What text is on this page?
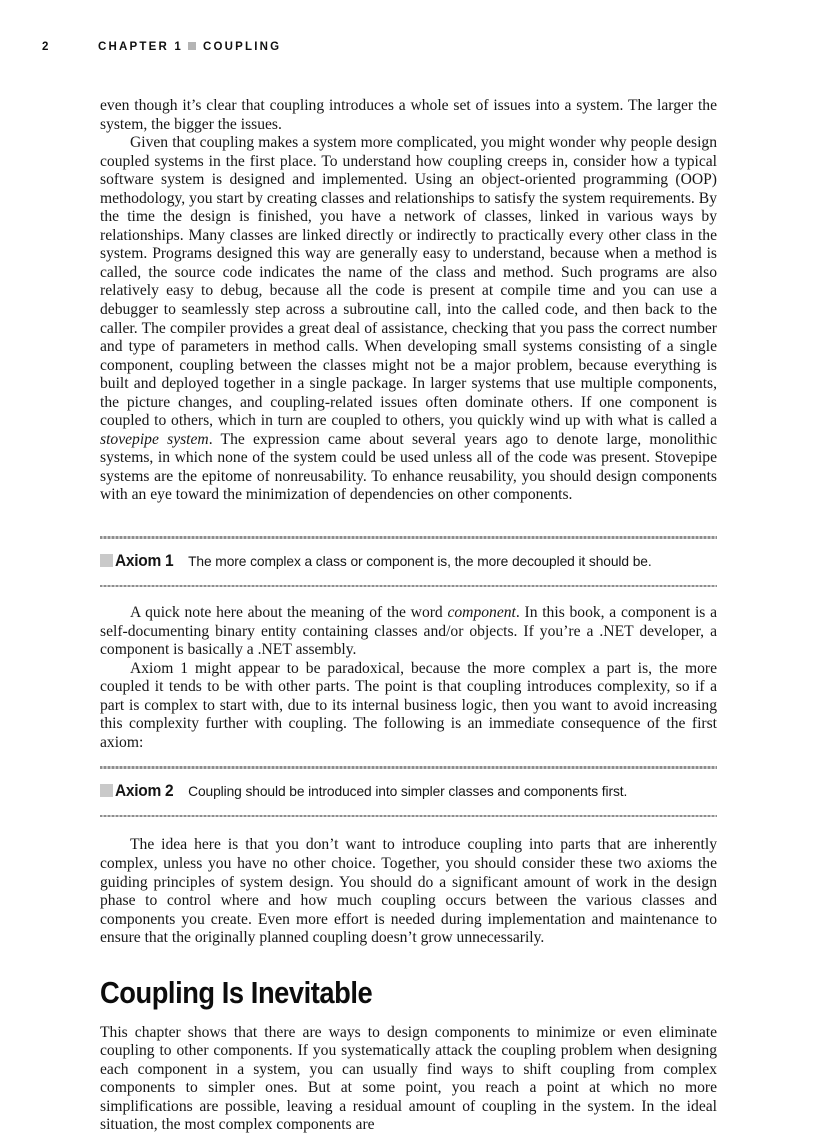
2	CHAPTER 1 COUPLING

even though it’s clear that coupling introduces a whole set of issues into a system. The larger the system, the bigger the issues.

Given that coupling makes a system more complicated, you might wonder why people design coupled systems in the first place. To understand how coupling creeps in, consider how a typical software system is designed and implemented. Using an object-oriented programming (OOP) methodology, you start by creating classes and relationships to satisfy the system requirements. By the time the design is finished, you have a network of classes, linked in various ways by relationships. Many classes are linked directly or indirectly to practically every other class in the system. Programs designed this way are generally easy to understand, because when a method is called, the source code indicates the name of the class and method. Such programs are also relatively easy to debug, because all the code is present at compile time and you can use a debugger to seamlessly step across a subroutine call, into the called code, and then back to the caller. The compiler provides a great deal of assistance, checking that you pass the correct number and type of parameters in method calls. When developing small systems consisting of a single component, coupling between the classes might not be a major problem, because everything is built and deployed together in a single package. In larger systems that use multiple components, the picture changes, and coupling-related issues often dominate others. If one component is coupled to others, which in turn are coupled to others, you quickly wind up with what is called a stovepipe system. The expression came about several years ago to denote large, monolithic systems, in which none of the system could be used unless all of the code was present. Stovepipe systems are the epitome of nonreusability. To enhance reusability, you should design components with an eye toward the minimization of dependencies on other components.

Axiom 1 The more complex a class or component is, the more decoupled it should be.

A quick note here about the meaning of the word component. In this book, a component is a self-documenting binary entity containing classes and/or objects. If you’re a .NET developer, a component is basically a .NET assembly.

Axiom 1 might appear to be paradoxical, because the more complex a part is, the more coupled it tends to be with other parts. The point is that coupling introduces complexity, so if a part is complex to start with, due to its internal business logic, then you want to avoid increasing this complexity further with coupling. The following is an immediate consequence of the first axiom:

Axiom 2 Coupling should be introduced into simpler classes and components first.

The idea here is that you don’t want to introduce coupling into parts that are inherently complex, unless you have no other choice. Together, you should consider these two axioms the guiding principles of system design. You should do a significant amount of work in the design phase to control where and how much coupling occurs between the various classes and components you create. Even more effort is needed during implementation and maintenance to ensure that the originally planned coupling doesn’t grow unnecessarily.

Coupling Is Inevitable

This chapter shows that there are ways to design components to minimize or even eliminate coupling to other components. If you systematically attack the coupling problem when designing each component in a system, you can usually find ways to shift coupling from complex components to simpler ones. But at some point, you reach a point at which no more simplifications are possible, leaving a residual amount of coupling in the system. In the ideal situation, the most complex components are
